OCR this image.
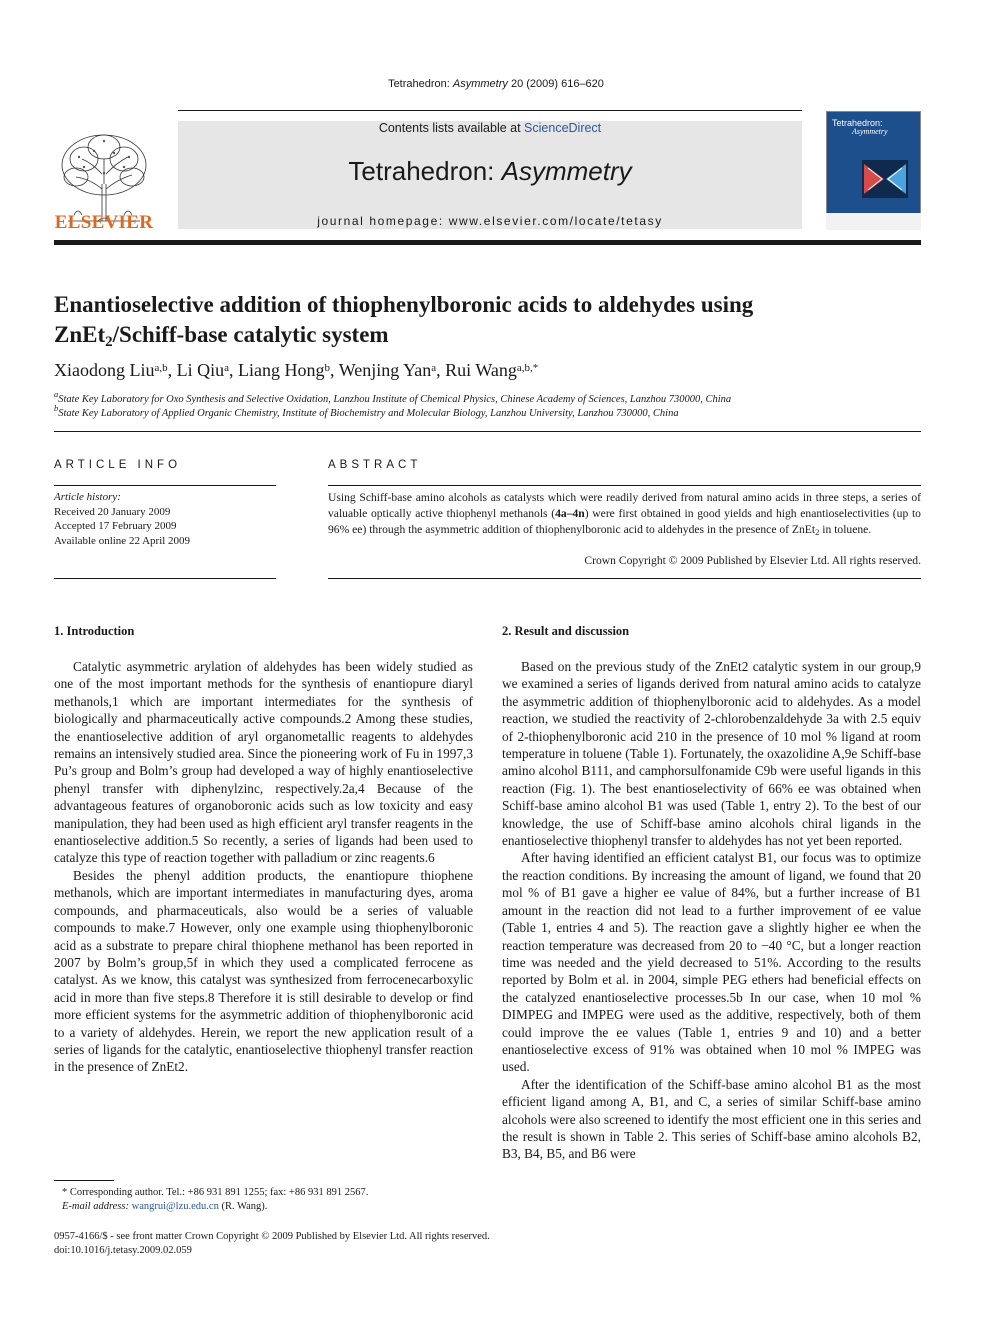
Tetrahedron: Asymmetry 20 (2009) 616–620
ELSEVIER
Contents lists available at ScienceDirect
Tetrahedron: Asymmetry
journal homepage: www.elsevier.com/locate/tetasy
Tetrahedron:
Asymmetry
Enantioselective addition of thiophenylboronic acids to aldehydes using
ZnEt$_2$/Schiff-base catalytic system
Xiaodong Liu$^{a,b}$, Li Qiu$^a$, Liang Hong$^b$, Wenjing Yan$^a$, Rui Wang$^{a,b,*}$
$^a$State Key Laboratory for Oxo Synthesis and Selective Oxidation, Lanzhou Institute of Chemical Physics, Chinese Academy of Sciences, Lanzhou 730000, China
$^b$State Key Laboratory of Applied Organic Chemistry, Institute of Biochemistry and Molecular Biology, Lanzhou University, Lanzhou 730000, China
ARTICLE INFO	ABSTRACT
Article history:
Received 20 January 2009
Accepted 17 February 2009
Available online 22 April 2009
Using Schiff-base amino alcohols as catalysts which were readily derived from natural amino acids in three steps, a series of valuable optically active thiophenyl methanols (4a–4n) were first obtained in good yields and high enantioselectivities (up to 96% ee) through the asymmetric addition of thiophenylboronic acid to aldehydes in the presence of ZnEt$_2$ in toluene.
Crown Copyright © 2009 Published by Elsevier Ltd. All rights reserved.
1. Introduction	2. Result and discussion

Catalytic asymmetric arylation of aldehydes has been widely studied as one of the most important methods for the synthesis of enantiopure diaryl methanols,1 which are important intermediates for the synthesis of biologically and pharmaceutically active compounds.2 Among these studies, the enantioselective addition of aryl organometallic reagents to aldehydes remains an intensively studied area. Since the pioneering work of Fu in 1997,3 Pu’s group and Bolm’s group had developed a way of highly enantioselective phenyl transfer with diphenylzinc, respectively.2a,4 Because of the advantageous features of organoboronic acids such as low toxicity and easy manipulation, they had been used as high efficient aryl transfer reagents in the enantioselective addition.5 So recently, a series of ligands had been used to catalyze this type of reaction together with palladium or zinc reagents.6

Besides the phenyl addition products, the enantiopure thiophene methanols, which are important intermediates in manufacturing dyes, aroma compounds, and pharmaceuticals, also would be a series of valuable compounds to make.7 However, only one example using thiophenylboronic acid as a substrate to prepare chiral thiophene methanol has been reported in 2007 by Bolm’s group,5f in which they used a complicated ferrocene as catalyst. As we know, this catalyst was synthesized from ferrocenecarboxylic acid in more than five steps.8 Therefore it is still desirable to develop or find more efficient systems for the asymmetric addition of thiophenylboronic acid to a variety of aldehydes. Herein, we report the new application result of a series of ligands for the catalytic, enantioselective thiophenyl transfer reaction in the presence of ZnEt2.

Based on the previous study of the ZnEt2 catalytic system in our group,9 we examined a series of ligands derived from natural amino acids to catalyze the asymmetric addition of thiophenylboronic acid to aldehydes. As a model reaction, we studied the reactivity of 2-chlorobenzaldehyde 3a with 2.5 equiv of 2-thiophenylboronic acid 210 in the presence of 10 mol % ligand at room temperature in toluene (Table 1). Fortunately, the oxazolidine A,9e Schiff-base amino alcohol B111, and camphorsulfonamide C9b were useful ligands in this reaction (Fig. 1). The best enantioselectivity of 66% ee was obtained when Schiff-base amino alcohol B1 was used (Table 1, entry 2). To the best of our knowledge, the use of Schiff-base amino alcohols chiral ligands in the enantioselective thiophenyl transfer to aldehydes has not yet been reported.

After having identified an efficient catalyst B1, our focus was to optimize the reaction conditions. By increasing the amount of ligand, we found that 20 mol % of B1 gave a higher ee value of 84%, but a further increase of B1 amount in the reaction did not lead to a further improvement of ee value (Table 1, entries 4 and 5). The reaction gave a slightly higher ee when the reaction temperature was decreased from 20 to −40 °C, but a longer reaction time was needed and the yield decreased to 51%. According to the results reported by Bolm et al. in 2004, simple PEG ethers had beneficial effects on the catalyzed enantioselective processes.5b In our case, when 10 mol % DIMPEG and IMPEG were used as the additive, respectively, both of them could improve the ee values (Table 1, entries 9 and 10) and a better enantioselective excess of 91% was obtained when 10 mol % IMPEG was used.

After the identification of the Schiff-base amino alcohol B1 as the most efficient ligand among A, B1, and C, a series of similar Schiff-base amino alcohols were also screened to identify the most efficient one in this series and the result is shown in Table 2. This series of Schiff-base amino alcohols B2, B3, B4, B5, and B6 were

* Corresponding author. Tel.: +86 931 891 1255; fax: +86 931 891 2567.
E-mail address: wangrui@lzu.edu.cn (R. Wang).
0957-4166/$ - see front matter Crown Copyright © 2009 Published by Elsevier Ltd. All rights reserved.
doi:10.1016/j.tetasy.2009.02.059
